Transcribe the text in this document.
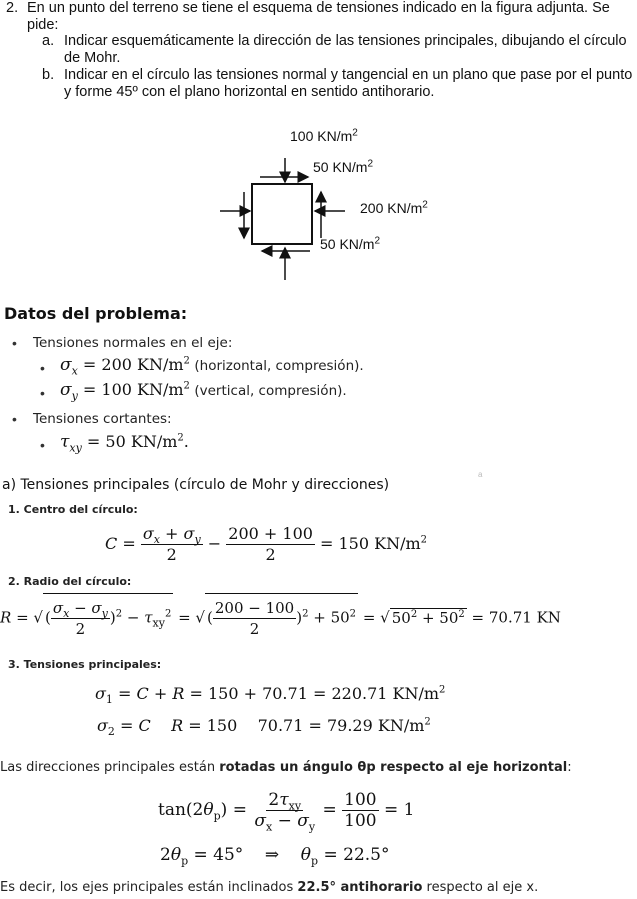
2. En un punto del terreno se tiene el esquema de tensiones indicado en la figura adjunta. Se pide:
a. Indicar esquemáticamente la dirección de las tensiones principales, dibujando el círculo de Mohr.
b. Indicar en el círculo las tensiones normal y tangencial en un plano que pase por el punto y forme 45º con el plano horizontal en sentido antihorario.
100 $KN/m^2$
50 $KN/m^2$
200 $KN/m^2$
50 $KN/m^2$
Datos del problema:
• Tensiones normales en el eje:
• $\sigma_x = 200$ $KN/m^2$ (horizontal, compresión).
• $\sigma_y = 100$ $KN/m^2$ (vertical, compresión).
• Tensiones cortantes:
• $\tau_{xy} = 50$ $KN/m^2$.
a) Tensiones principales (círculo de Mohr y direcciones)
a
1. Centro del círculo:
$C = \frac{\sigma_x + \sigma_y}{2} - \frac{200 + 100}{2} = 150$ $KN/m^2$
2. Radio del círculo:
R = √ ( $\frac{\sigma_x - \sigma_y}{2} )^2 - \tau_{xy}^2$ = √ ( $\frac{200 - 100}{2} )^2 + 50^2$ = √ $50^2 + 50^2 = 70.71$ KN
3. Tensiones principales:
$\sigma_1 = C + R = 150 + 70.71 = 220.71$ $KN/m^2$
$\sigma_2 = C$ R = 150    70.71 = 79.29 $KN/m^2$
Las direcciones principales están rotadas un ángulo θp respecto al eje horizontal:
$\tan(2\theta_p) = \frac{2\tau_{xy}}{\sigma_x - \sigma_y} = \frac{100}{100} = 1$
$2\theta_p = 45^\circ$    ⇒    $\theta_p = 22.5^\circ$
Es decir, los ejes principales están inclinados 22.5° antihorario respecto al eje x.
